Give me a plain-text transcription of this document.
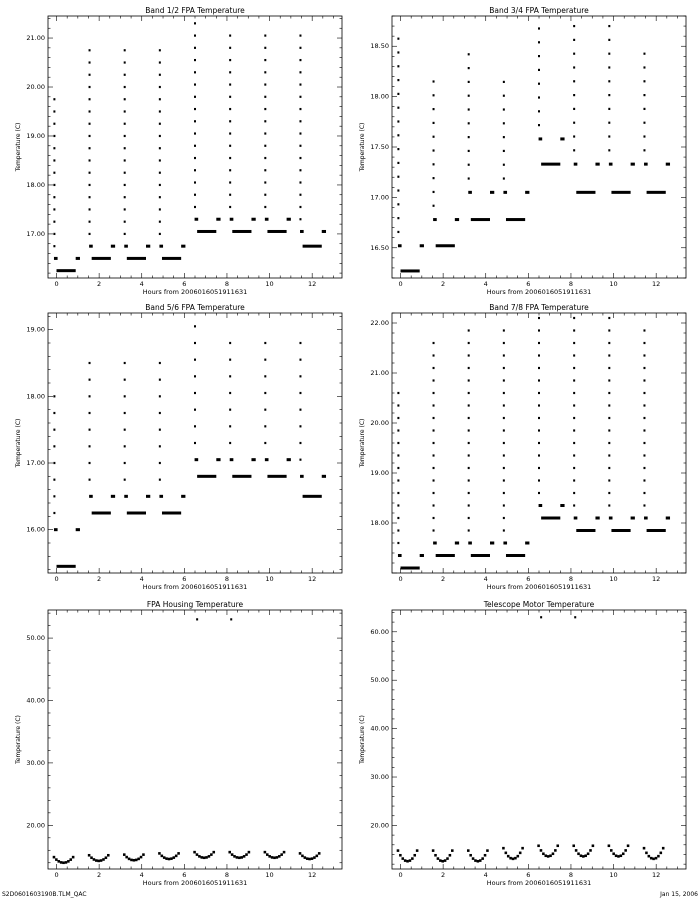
Band 1/2 FPA Temperature
Hours from 2006016051911631
Temperature (C)
0	2	4	6	8	10	12
17.00
18.00
19.00
20.00
21.00
Band 3/4 FPA Temperature
Hours from 2006016051911631
Temperature (C)
0	2	4	6	8	10	12
16.50
17.00
17.50
18.00
18.50
Band 5/6 FPA Temperature
Hours from 2006016051911631
Temperature (C)
0	2	4	6	8	10	12
16.00
17.00
18.00
19.00
Band 7/8 FPA Temperature
Hours from 2006016051911631
Temperature (C)
0	2	4	6	8	10	12
18.00
19.00
20.00
21.00
22.00
FPA Housing Temperature
Hours from 2006016051911631
Temperature (C)
0	2	4	6	8	10	12
20.00
30.00
40.00
50.00
Telescope Motor Temperature
Hours from 2006016051911631
Temperature (C)
0	2	4	6	8	10	12
20.00
30.00
40.00
50.00
60.00
S2D0601603190B.TLM_QAC	Jan 15, 2006
